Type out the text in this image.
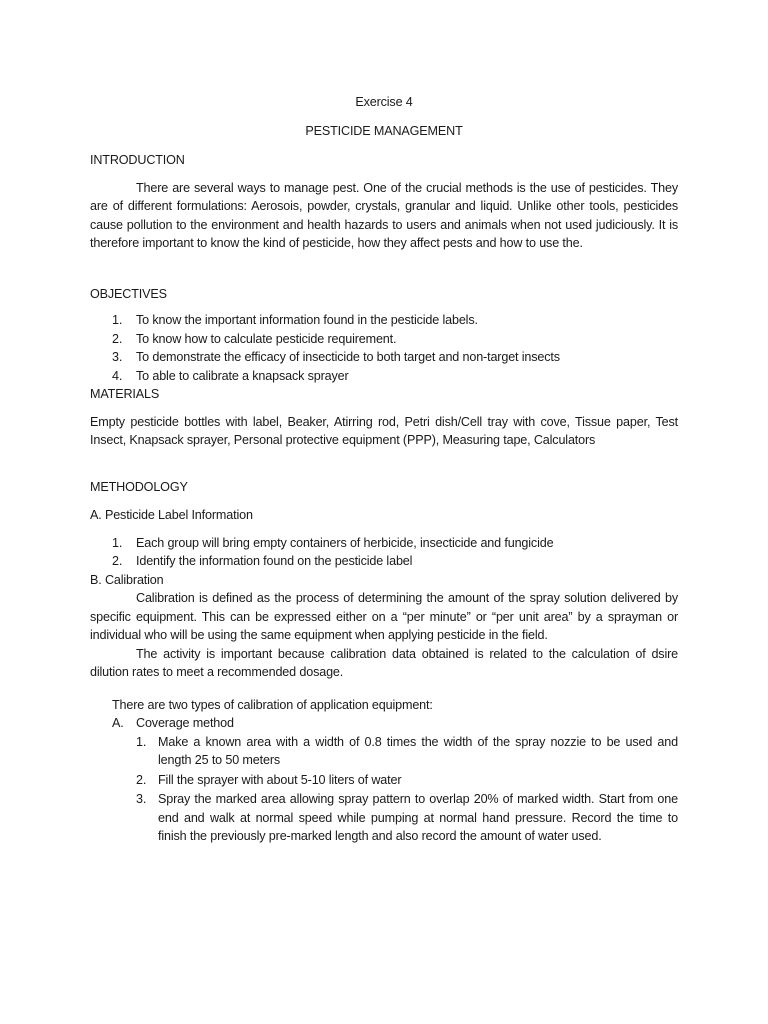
Exercise 4
PESTICIDE MANAGEMENT
INTRODUCTION

There are several ways to manage pest. One of the crucial methods is the use of pesticides. They are of different formulations: Aerosois, powder, crystals, granular and liquid. Unlike other tools, pesticides cause pollution to the environment and health hazards to users and animals when not used judiciously. It is therefore important to know the kind of pesticide, how they affect pests and how to use the.

OBJECTIVES
1. To know the important information found in the pesticide labels.
2. To know how to calculate pesticide requirement.
3. To demonstrate the efficacy of insecticide to both target and non-target insects
4. To able to calibrate a knapsack sprayer
MATERIALS

Empty pesticide bottles with label, Beaker, Atirring rod, Petri dish/Cell tray with cove, Tissue paper, Test Insect, Knapsack sprayer, Personal protective equipment (PPP), Measuring tape, Calculators

METHODOLOGY
A. Pesticide Label Information
1. Each group will bring empty containers of herbicide, insecticide and fungicide
2. Identify the information found on the pesticide label
B. Calibration

Calibration is defined as the process of determining the amount of the spray solution delivered by specific equipment. This can be expressed either on a “per minute” or “per unit area” by a sprayman or individual who will be using the same equipment when applying pesticide in the field.

The activity is important because calibration data obtained is related to the calculation of dsire dilution rates to meet a recommended dosage.

There are two types of calibration of application equipment:
A. Coverage method
1. Make a known area with a width of 0.8 times the width of the spray nozzie to be used and length 25 to 50 meters
2. Fill the sprayer with about 5-10 liters of water
3. Spray the marked area allowing spray pattern to overlap 20% of marked width. Start from one end and walk at normal speed while pumping at normal hand pressure. Record the time to finish the previously pre-marked length and also record the amount of water used.
